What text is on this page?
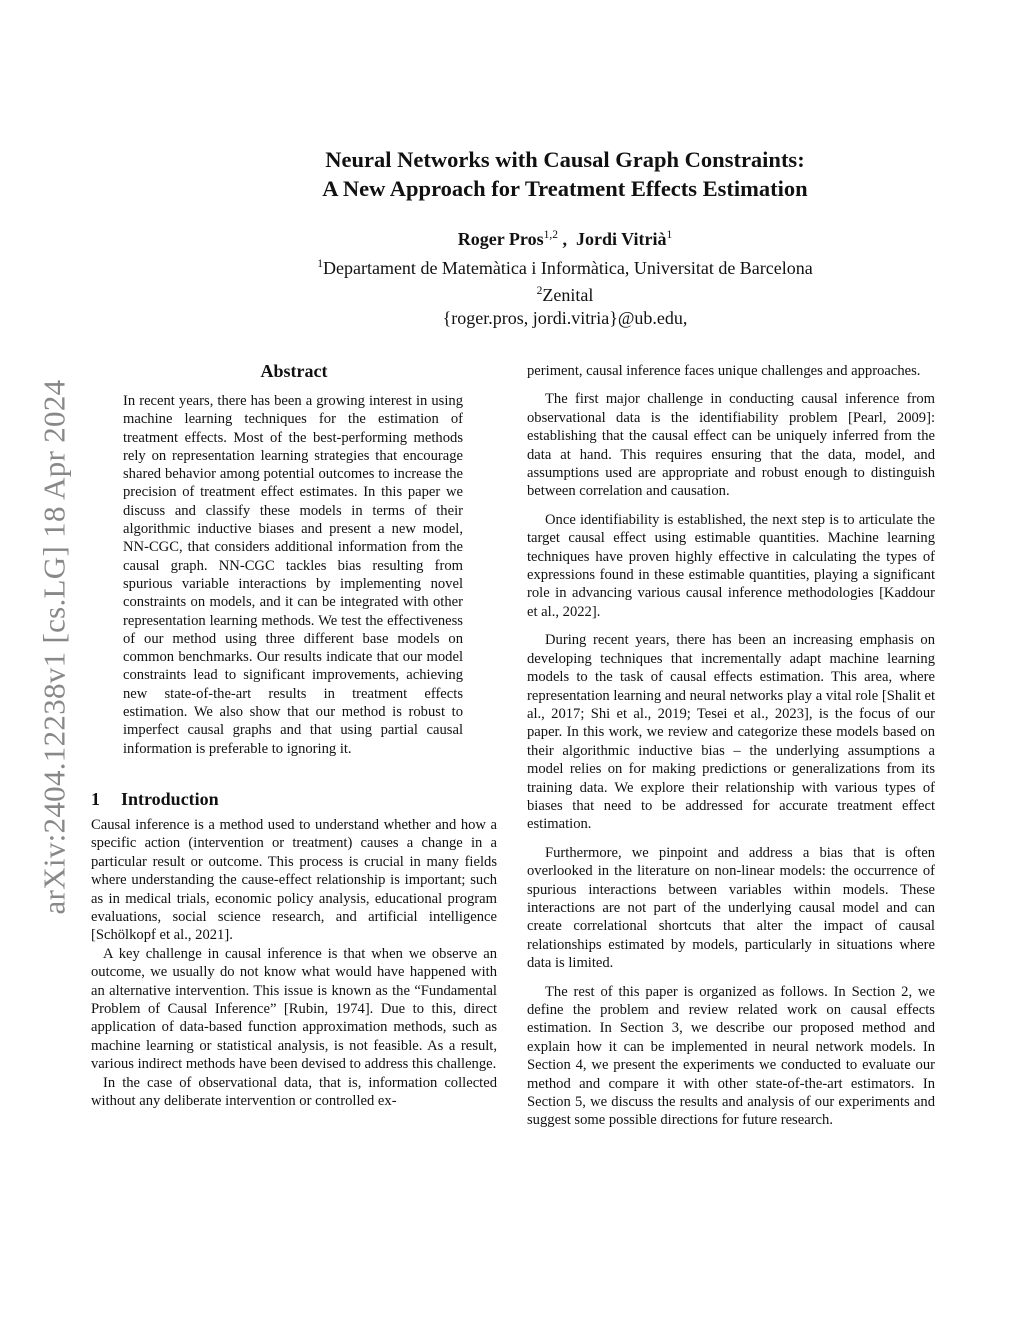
arXiv:2404.12238v1 [cs.LG] 18 Apr 2024
Neural Networks with Causal Graph Constraints:
A New Approach for Treatment Effects Estimation
Roger Pros$^{1,2}$ ,  Jordi Vitrià$^1$
$^1$Departament de Matemàtica i Informàtica, Universitat de Barcelona
$^2$Zenital
{roger.pros, jordi.vitria}@ub.edu,
Abstract
In recent years, there has been a growing interest in using machine learning techniques for the estimation of treatment effects. Most of the best-performing methods rely on representation learning strategies that encourage shared behavior among potential outcomes to increase the precision of treatment effect estimates. In this paper we discuss and classify these models in terms of their algorithmic inductive biases and present a new model, NN-CGC, that considers additional information from the causal graph. NN-CGC tackles bias resulting from spurious variable interactions by implementing novel constraints on models, and it can be integrated with other representation learning methods. We test the effectiveness of our method using three different base models on common benchmarks. Our results indicate that our model constraints lead to significant improvements, achieving new state-of-the-art results in treatment effects estimation. We also show that our method is robust to imperfect causal graphs and that using partial causal information is preferable to ignoring it.
1 Introduction

Causal inference is a method used to understand whether and how a specific action (intervention or treatment) causes a change in a particular result or outcome. This process is crucial in many fields where understanding the cause-effect relationship is important; such as in medical trials, economic policy analysis, educational program evaluations, social science research, and artificial intelligence [Schölkopf et al., 2021].

A key challenge in causal inference is that when we observe an outcome, we usually do not know what would have happened with an alternative intervention. This issue is known as the “Fundamental Problem of Causal Inference” [Rubin, 1974]. Due to this, direct application of data-based function approximation methods, such as machine learning or statistical analysis, is not feasible. As a result, various indirect methods have been devised to address this challenge.

In the case of observational data, that is, information collected without any deliberate intervention or controlled ex-

periment, causal inference faces unique challenges and approaches.

The first major challenge in conducting causal inference from observational data is the identifiability problem [Pearl, 2009]: establishing that the causal effect can be uniquely inferred from the data at hand. This requires ensuring that the data, model, and assumptions used are appropriate and robust enough to distinguish between correlation and causation.

Once identifiability is established, the next step is to articulate the target causal effect using estimable quantities. Machine learning techniques have proven highly effective in calculating the types of expressions found in these estimable quantities, playing a significant role in advancing various causal inference methodologies [Kaddour et al., 2022].

During recent years, there has been an increasing emphasis on developing techniques that incrementally adapt machine learning models to the task of causal effects estimation. This area, where representation learning and neural networks play a vital role [Shalit et al., 2017; Shi et al., 2019; Tesei et al., 2023], is the focus of our paper. In this work, we review and categorize these models based on their algorithmic inductive bias – the underlying assumptions a model relies on for making predictions or generalizations from its training data. We explore their relationship with various types of biases that need to be addressed for accurate treatment effect estimation.

Furthermore, we pinpoint and address a bias that is often overlooked in the literature on non-linear models: the occurrence of spurious interactions between variables within models. These interactions are not part of the underlying causal model and can create correlational shortcuts that alter the impact of causal relationships estimated by models, particularly in situations where data is limited.

The rest of this paper is organized as follows. In Section 2, we define the problem and review related work on causal effects estimation. In Section 3, we describe our proposed method and explain how it can be implemented in neural network models. In Section 4, we present the experiments we conducted to evaluate our method and compare it with other state-of-the-art estimators. In Section 5, we discuss the results and analysis of our experiments and suggest some possible directions for future research.
